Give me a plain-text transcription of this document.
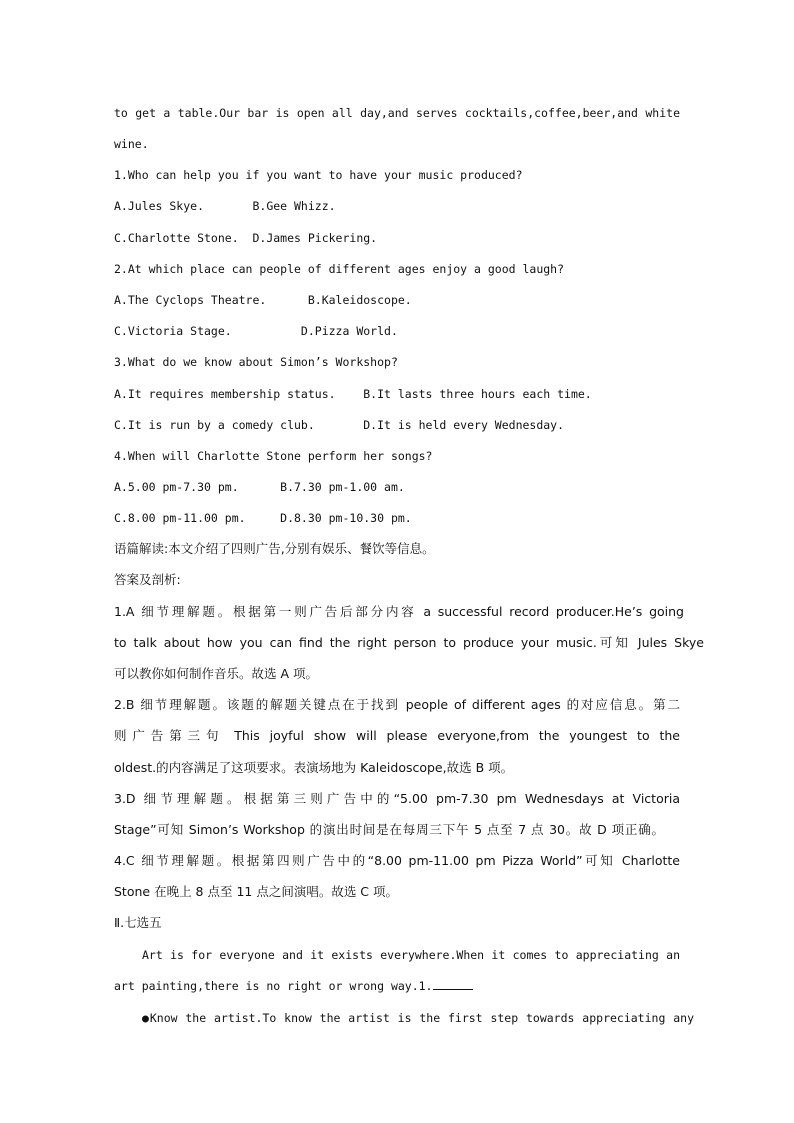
to get a table.Our bar is open all day,and serves cocktails,coffee,beer,and white
wine.
1.Who can help you if you want to have your music produced?
A.Jules Skye.       B.Gee Whizz.
C.Charlotte Stone.  D.James Pickering.
2.At which place can people of different ages enjoy a good laugh?
A.The Cyclops Theatre.      B.Kaleidoscope.
C.Victoria Stage.          D.Pizza World.
3.What do we know about Simon’s Workshop?
A.It requires membership status.    B.It lasts three hours each time.
C.It is run by a comedy club.       D.It is held every Wednesday.
4.When will Charlotte Stone perform her songs?
A.5.00 pm-7.30 pm.      B.7.30 pm-1.00 am.
C.8.00 pm-11.00 pm.     D.8.30 pm-10.30 pm.
语篇解读:本文介绍了四则广告,分别有娱乐、餐饮等信息。
答案及剖析:
1.A 细节理解题。根据第一则广告后部分内容 a successful record producer.He’s going
to talk about how you can find the right person to produce your music.可知 Jules Skye
可以教你如何制作音乐。故选 A 项。
2.B 细节理解题。该题的解题关键点在于找到 people of different ages 的对应信息。第二
则广告第三句 This joyful show will please everyone,from the youngest to the
oldest.的内容满足了这项要求。表演场地为 Kaleidoscope,故选 B 项。
3.D 细节理解题。根据第三则广告中的“5.00 pm-7.30 pm Wednesdays at Victoria
Stage”可知 Simon’s Workshop 的演出时间是在每周三下午 5 点至 7 点 30。故 D 项正确。
4.C 细节理解题。根据第四则广告中的“8.00 pm-11.00 pm Pizza World”可知 Charlotte
Stone 在晚上 8 点至 11 点之间演唱。故选 C 项。
Ⅱ.七选五
Art is for everyone and it exists everywhere.When it comes to appreciating an
art painting,there is no right or wrong way.1.
●Know the artist.To know the artist is the first step towards appreciating any
